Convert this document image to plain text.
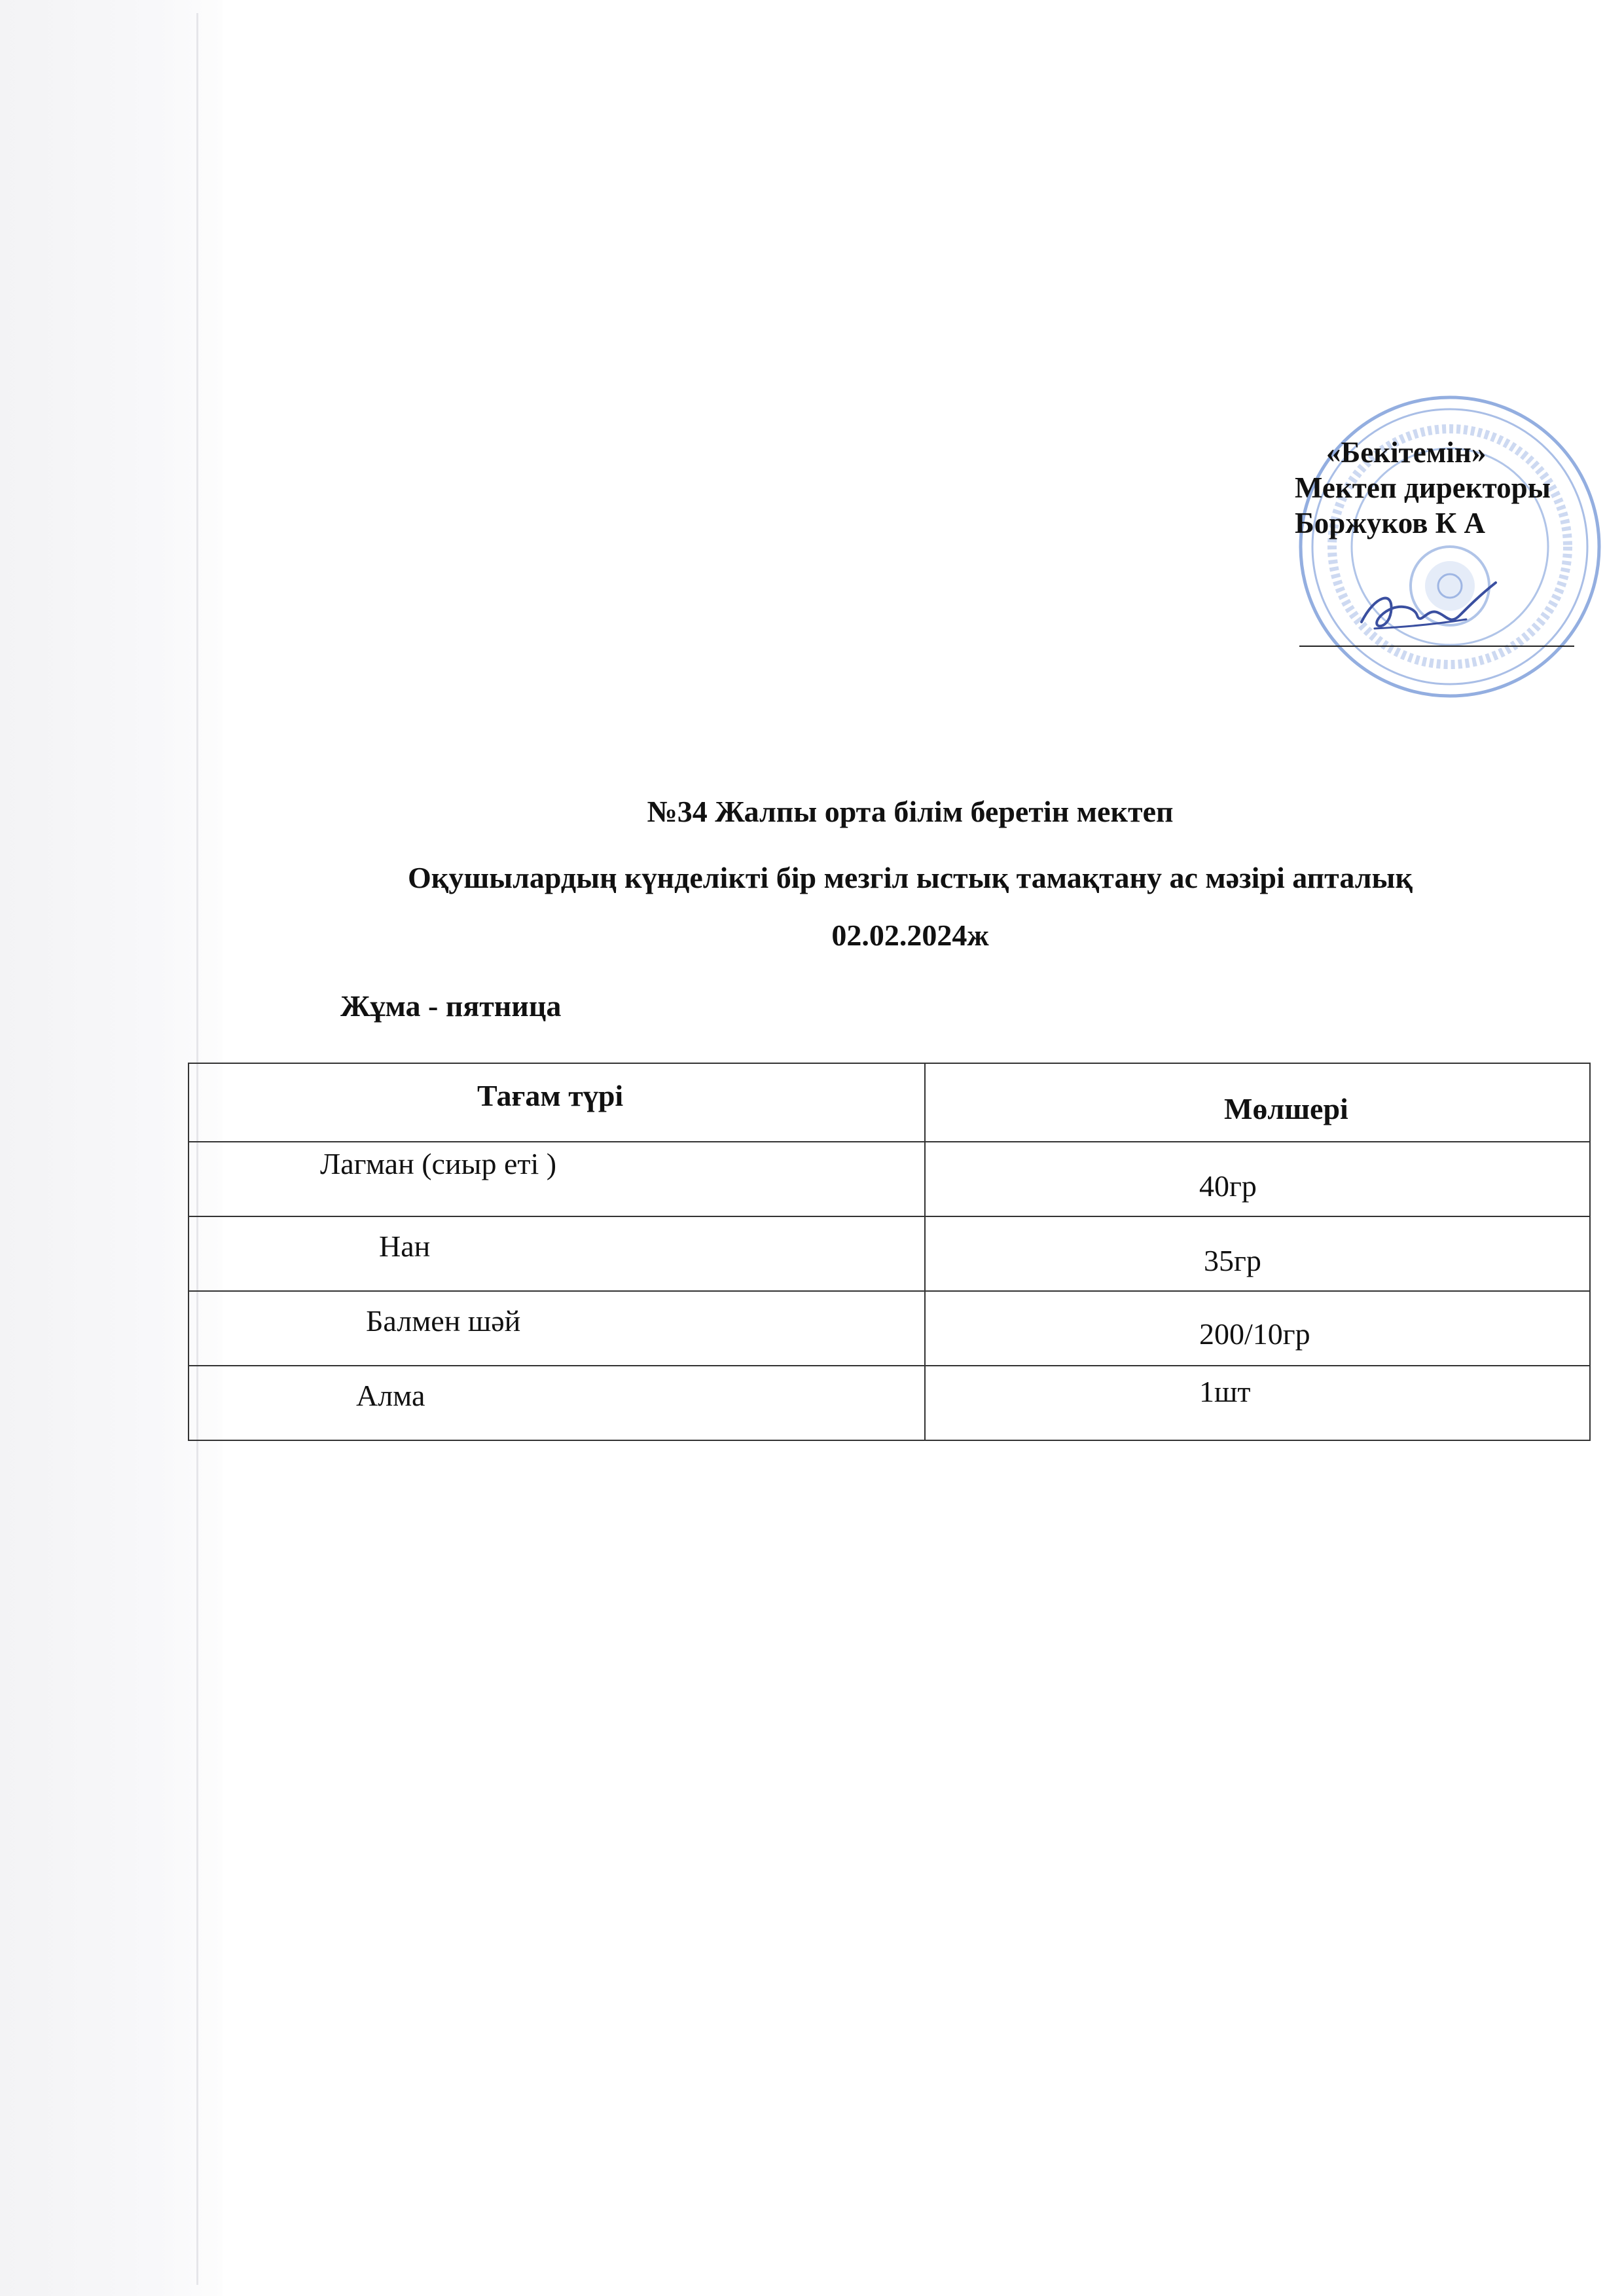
«Бекітемін»
Мектеп директоры
Боржуков К А
№34 Жалпы орта білім беретін мектеп
Оқушылардың күнделікті бір мезгіл ыстық тамақтану ас мәзірі апталық
02.02.2024ж
Жұма - пятница
Тағам түрі	Мөлшері

Лагман (сиыр еті )	40гр

Нан	35гр

Балмен шәй	200/10гр

Алма	1шт
